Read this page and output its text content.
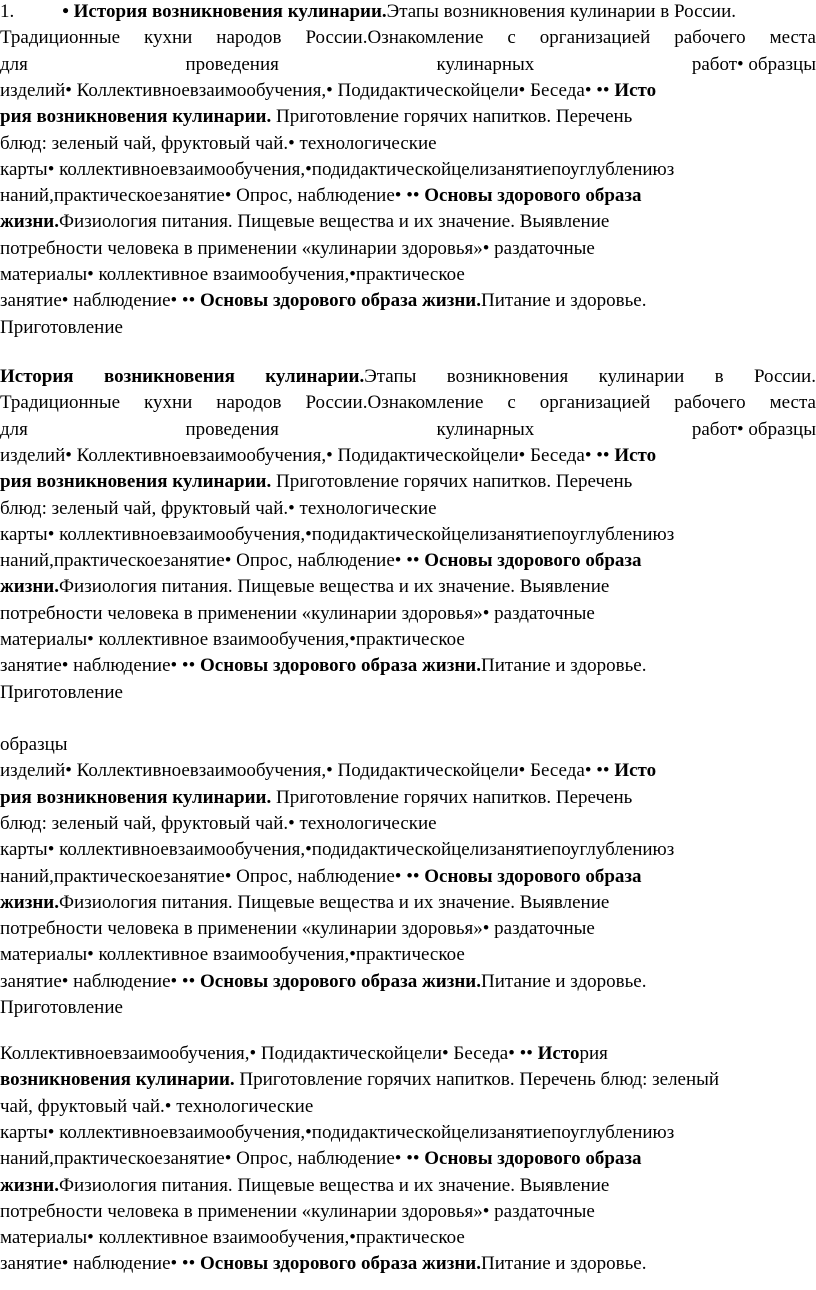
1.	• История возникновения кулинарии.Этапы возникновения кулинарии в России.
Традиционные кухни народов России.Ознакомление с организацией рабочего места
для	проведения	кулинарных	работ• образцы
изделий• Коллективноевзаимообучения,• Подидактическойцели• Беседа• •• Исто
рия возникновения кулинарии. Приготовление горячих напитков. Перечень
блюд: зеленый чай, фруктовый чай.• технологические
карты• коллективноевзаимообучения,•подидактическойцелизанятиепоуглублениюз
наний,практическоезанятие• Опрос, наблюдение• •• Основы здорового образа
жизни.Физиология питания. Пищевые вещества и их значение. Выявление
потребности человека в применении «кулинарии здоровья»• раздаточные
материалы• коллективное взаимообучения,•практическое
занятие• наблюдение• •• Основы здорового образа жизни.Питание и здоровье.
Приготовление
История возникновения кулинарии.Этапы возникновения кулинарии в России.
Традиционные кухни народов России.Ознакомление с организацией рабочего места
для	проведения	кулинарных	работ• образцы
изделий• Коллективноевзаимообучения,• Подидактическойцели• Беседа• •• Исто
рия возникновения кулинарии. Приготовление горячих напитков. Перечень
блюд: зеленый чай, фруктовый чай.• технологические
карты• коллективноевзаимообучения,•подидактическойцелизанятиепоуглублениюз
наний,практическоезанятие• Опрос, наблюдение• •• Основы здорового образа
жизни.Физиология питания. Пищевые вещества и их значение. Выявление
потребности человека в применении «кулинарии здоровья»• раздаточные
материалы• коллективное взаимообучения,•практическое
занятие• наблюдение• •• Основы здорового образа жизни.Питание и здоровье.
Приготовление
образцы
изделий• Коллективноевзаимообучения,• Подидактическойцели• Беседа• •• Исто
рия возникновения кулинарии. Приготовление горячих напитков. Перечень
блюд: зеленый чай, фруктовый чай.• технологические
карты• коллективноевзаимообучения,•подидактическойцелизанятиепоуглублениюз
наний,практическоезанятие• Опрос, наблюдение• •• Основы здорового образа
жизни.Физиология питания. Пищевые вещества и их значение. Выявление
потребности человека в применении «кулинарии здоровья»• раздаточные
материалы• коллективное взаимообучения,•практическое
занятие• наблюдение• •• Основы здорового образа жизни.Питание и здоровье.
Приготовление
Коллективноевзаимообучения,• Подидактическойцели• Беседа• •• История
возникновения кулинарии. Приготовление горячих напитков. Перечень блюд: зеленый
чай, фруктовый чай.• технологические
карты• коллективноевзаимообучения,•подидактическойцелизанятиепоуглублениюз
наний,практическоезанятие• Опрос, наблюдение• •• Основы здорового образа
жизни.Физиология питания. Пищевые вещества и их значение. Выявление
потребности человека в применении «кулинарии здоровья»• раздаточные
материалы• коллективное взаимообучения,•практическое
занятие• наблюдение• •• Основы здорового образа жизни.Питание и здоровье.
